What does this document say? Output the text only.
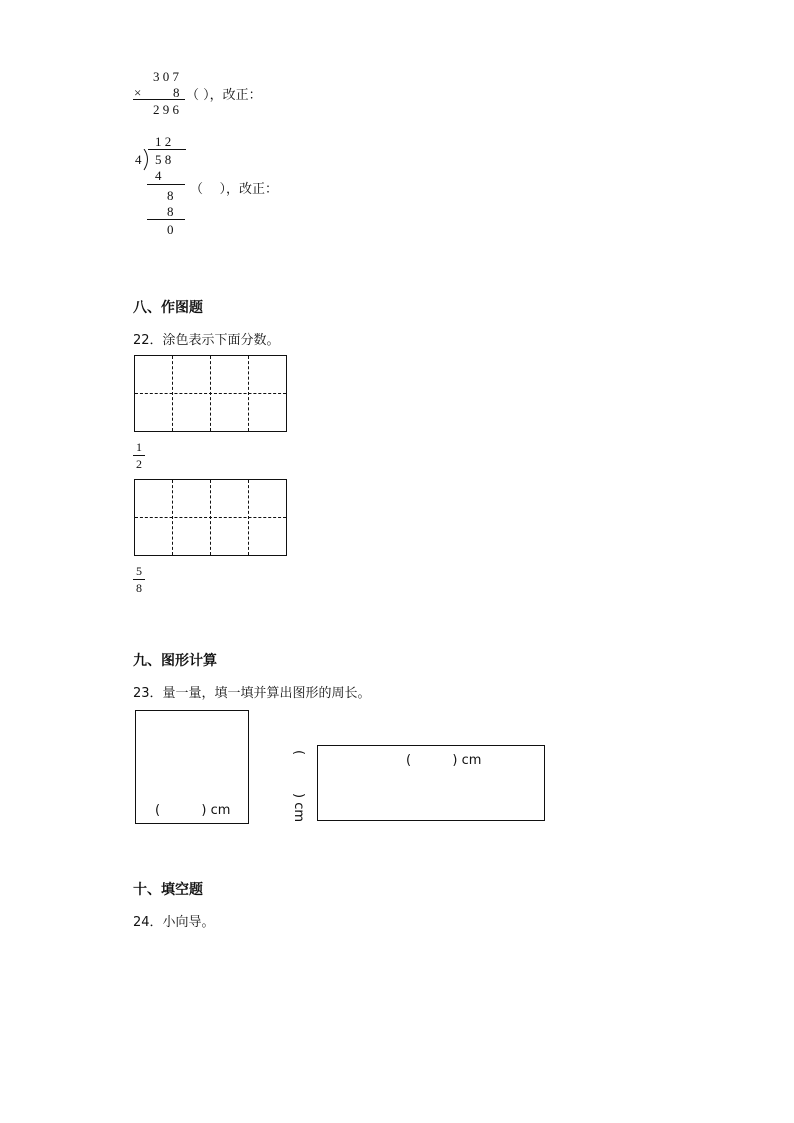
3 0 7
× 8
2 9 6
（ ），改正：
1 2
4 5 8
4
8
8
0
（    ），改正：
八、作图题
22．涂色表示下面分数。
1
2
5
8
九、图形计算
23．量一量，填一填并算出图形的周长。
(          ) cm
(
) cm
(          ) cm
十、填空题
24．小向导。
